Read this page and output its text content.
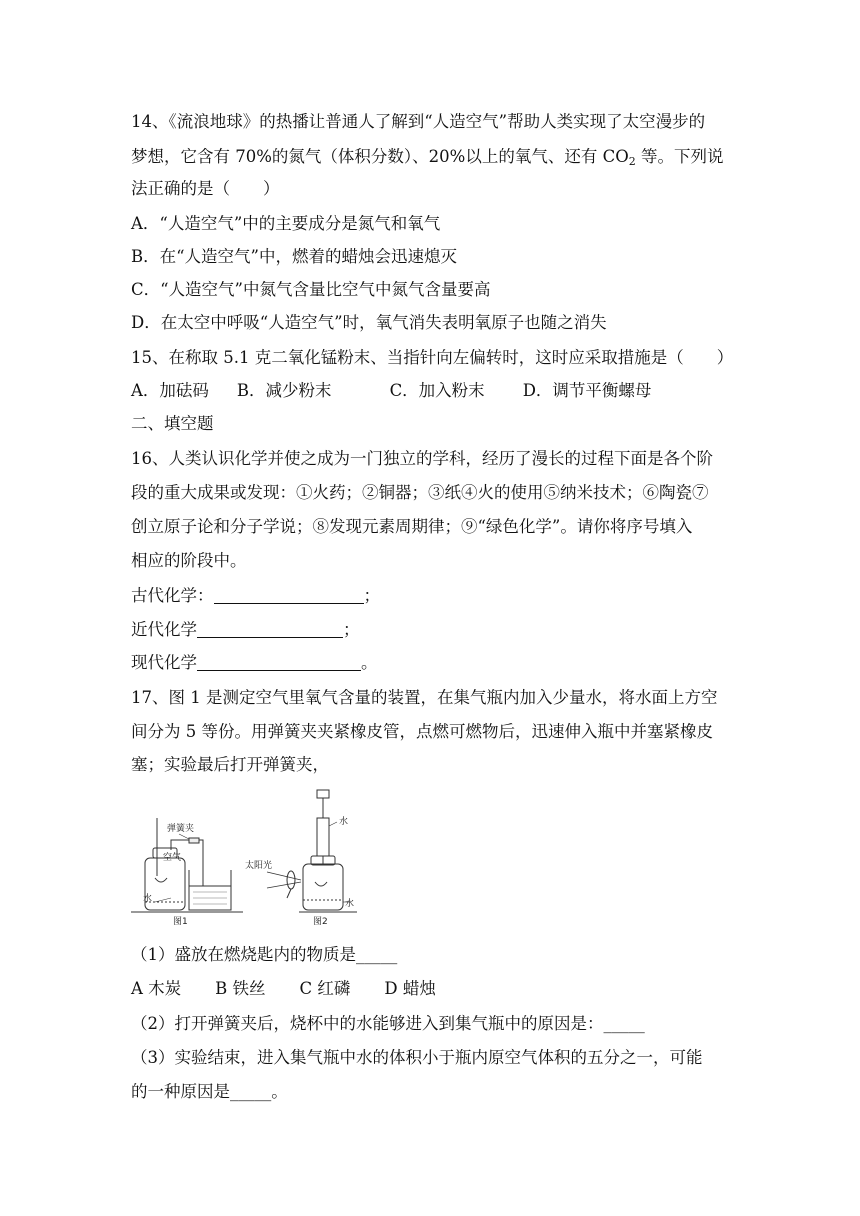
14、《流浪地球》的热播让普通人了解到“人造空气”帮助人类实现了太空漫步的
梦想，它含有 70%的氮气（体积分数）、20%以上的氧气、还有 $CO_2$ 等。下列说
法正确的是（　　）
A．“人造空气”中的主要成分是氮气和氧气
B．在“人造空气”中，燃着的蜡烛会迅速熄灭
C．“人造空气”中氮气含量比空气中氮气含量要高
D．在太空中呼吸“人造空气”时，氧气消失表明氧原子也随之消失
15、在称取 5.1 克二氧化锰粉末、当指针向左偏转时，这时应采取措施是（　　）
A．加砝码 B．减少粉末	C．加入粉末 D．调节平衡螺母
二、填空题
16、人类认识化学并使之成为一门独立的学科，经历了漫长的过程下面是各个阶
段的重大成果或发现：①火药；②铜器；③纸④火的使用⑤纳米技术；⑥陶瓷⑦
创立原子论和分子学说；⑧发现元素周期律；⑨“绿色化学”。请你将序号填入
相应的阶段中。
古代化学：	；
近代化学	；
现代化学	。
17、图 1 是测定空气里氧气含量的装置，在集气瓶内加入少量水，将水面上方空
间分为 5 等份。用弹簧夹夹紧橡皮管，点燃可燃物后，迅速伸入瓶中并塞紧橡皮
塞；实验最后打开弹簧夹，
弹簧夹
空气
水
图1
水
太阳光
水
图2
（1）盛放在燃烧匙内的物质是_____
A 木炭 B 铁丝 C 红磷 D 蜡烛
（2）打开弹簧夹后，烧杯中的水能够进入到集气瓶中的原因是：_____
（3）实验结束，进入集气瓶中水的体积小于瓶内原空气体积的五分之一，可能
的一种原因是_____。
